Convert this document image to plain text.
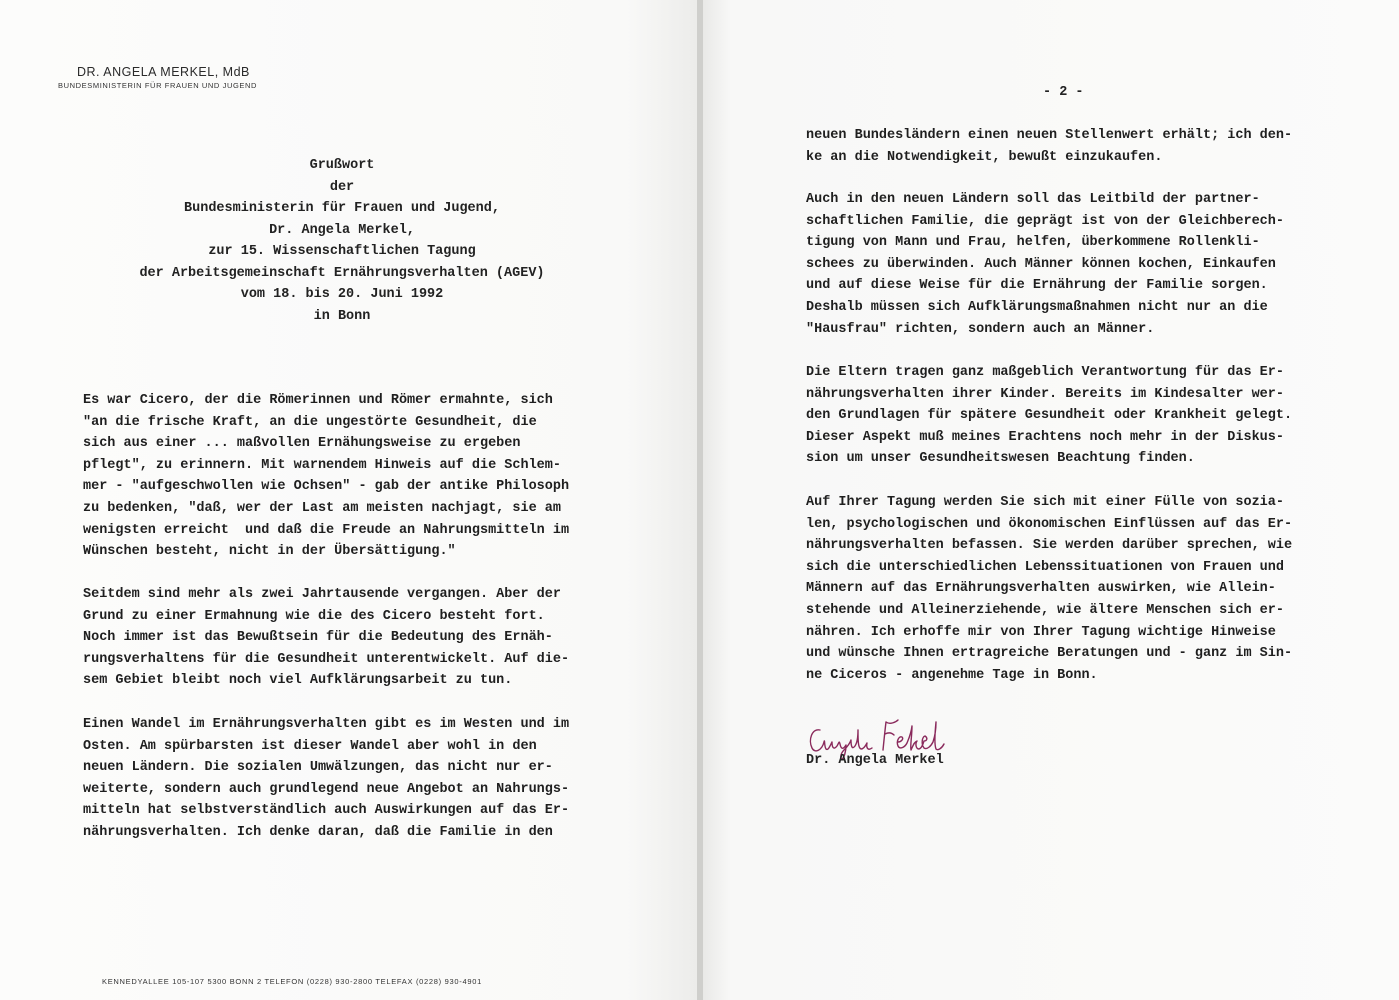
DR. ANGELA MERKEL, MdB
BUNDESMINISTERIN FÜR FRAUEN UND JUGEND
Grußwort
der
Bundesministerin für Frauen und Jugend,
Dr. Angela Merkel,
zur 15. Wissenschaftlichen Tagung
der Arbeitsgemeinschaft Ernährungsverhalten (AGEV)
vom 18. bis 20. Juni 1992
in Bonn
Es war Cicero, der die Römerinnen und Römer ermahnte, sich
"an die frische Kraft, an die ungestörte Gesundheit, die
sich aus einer ... maßvollen Ernähungsweise zu ergeben
pflegt", zu erinnern. Mit warnendem Hinweis auf die Schlem-
mer - "aufgeschwollen wie Ochsen" - gab der antike Philosoph
zu bedenken, "daß, wer der Last am meisten nachjagt, sie am
wenigsten erreicht  und daß die Freude an Nahrungsmitteln im
Wünschen besteht, nicht in der Übersättigung."
Seitdem sind mehr als zwei Jahrtausende vergangen. Aber der
Grund zu einer Ermahnung wie die des Cicero besteht fort.
Noch immer ist das Bewußtsein für die Bedeutung des Ernäh-
rungsverhaltens für die Gesundheit unterentwickelt. Auf die-
sem Gebiet bleibt noch viel Aufklärungsarbeit zu tun.
Einen Wandel im Ernährungsverhalten gibt es im Westen und im
Osten. Am spürbarsten ist dieser Wandel aber wohl in den
neuen Ländern. Die sozialen Umwälzungen, das nicht nur er-
weiterte, sondern auch grundlegend neue Angebot an Nahrungs-
mitteln hat selbstverständlich auch Auswirkungen auf das Er-
nährungsverhalten. Ich denke daran, daß die Familie in den
KENNEDYALLEE 105-107 5300 BONN 2 TELEFON (0228) 930-2800 TELEFAX (0228) 930-4901
- 2 -
neuen Bundesländern einen neuen Stellenwert erhält; ich den-
ke an die Notwendigkeit, bewußt einzukaufen.
Auch in den neuen Ländern soll das Leitbild der partner-
schaftlichen Familie, die geprägt ist von der Gleichberech-
tigung von Mann und Frau, helfen, überkommene Rollenkli-
schees zu überwinden. Auch Männer können kochen, Einkaufen
und auf diese Weise für die Ernährung der Familie sorgen.
Deshalb müssen sich Aufklärungsmaßnahmen nicht nur an die
"Hausfrau" richten, sondern auch an Männer.
Die Eltern tragen ganz maßgeblich Verantwortung für das Er-
nährungsverhalten ihrer Kinder. Bereits im Kindesalter wer-
den Grundlagen für spätere Gesundheit oder Krankheit gelegt.
Dieser Aspekt muß meines Erachtens noch mehr in der Diskus-
sion um unser Gesundheitswesen Beachtung finden.
Auf Ihrer Tagung werden Sie sich mit einer Fülle von sozia-
len, psychologischen und ökonomischen Einflüssen auf das Er-
nährungsverhalten befassen. Sie werden darüber sprechen, wie
sich die unterschiedlichen Lebenssituationen von Frauen und
Männern auf das Ernährungsverhalten auswirken, wie Allein-
stehende und Alleinerziehende, wie ältere Menschen sich er-
nähren. Ich erhoffe mir von Ihrer Tagung wichtige Hinweise
und wünsche Ihnen ertragreiche Beratungen und - ganz im Sin-
ne Ciceros - angenehme Tage in Bonn.
Dr. Angela Merkel
